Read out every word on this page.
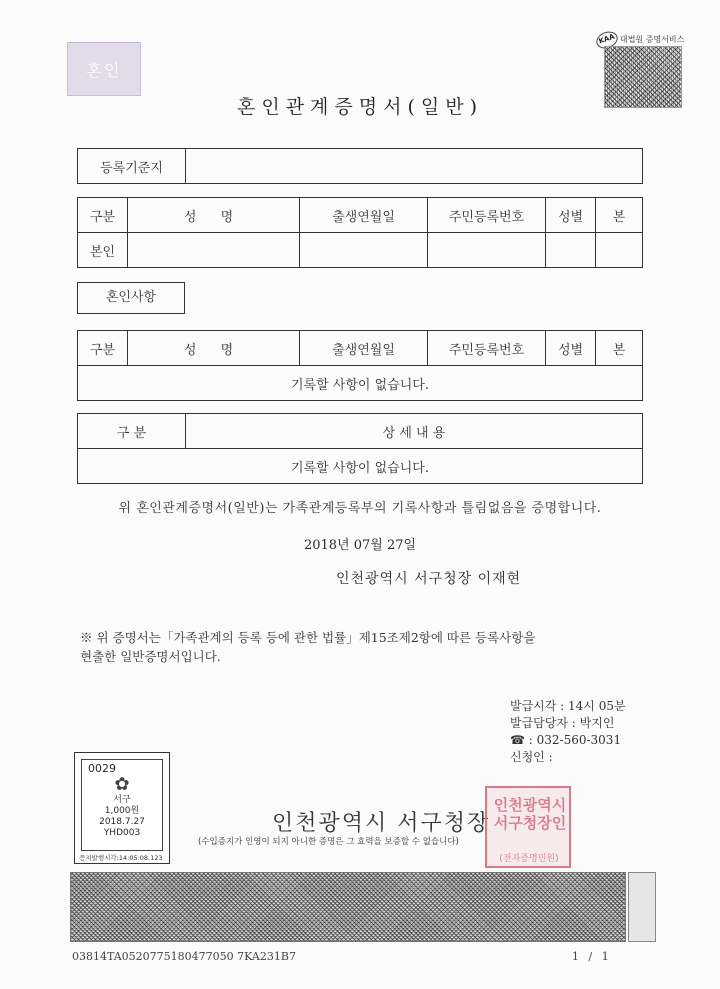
혼인
KAA 대법원 증명서비스
혼인관계증명서(일반)
등록기준지	
구분	성 명	출생연월일	주민등록번호	성별	본
본인					
혼인사항
구분	성 명	출생연월일	주민등록번호	성별	본
기록할 사항이 없습니다.
구 분	상 세 내 용
기록할 사항이 없습니다.
위 혼인관계증명서(일반)는 가족관계등록부의 기록사항과 틀림없음을 증명합니다.
2018년 07월 27일
인천광역시 서구청장 이재현
※ 위 증명서는「가족관계의 등록 등에 관한 법률」제15조제2항에 따른 등록사항을
현출한 일반증명서입니다.
발급시각 : 14시 05분
발급담당자 : 박지인
☎ : 032-560-3031
신청인 :
0029
✿
서구
1,000원
2018.7.27
YHD003
증지발행시각:14:05:08.123
인천광역시 서구청장
(수입증지가 인영이 되지 아니한 증명은 그 효력을 보증할 수 없습니다)
인천광역시 서구청장인
(전자증명민원)
03814TA0520775180477050 7KA231B7	1 / 1
